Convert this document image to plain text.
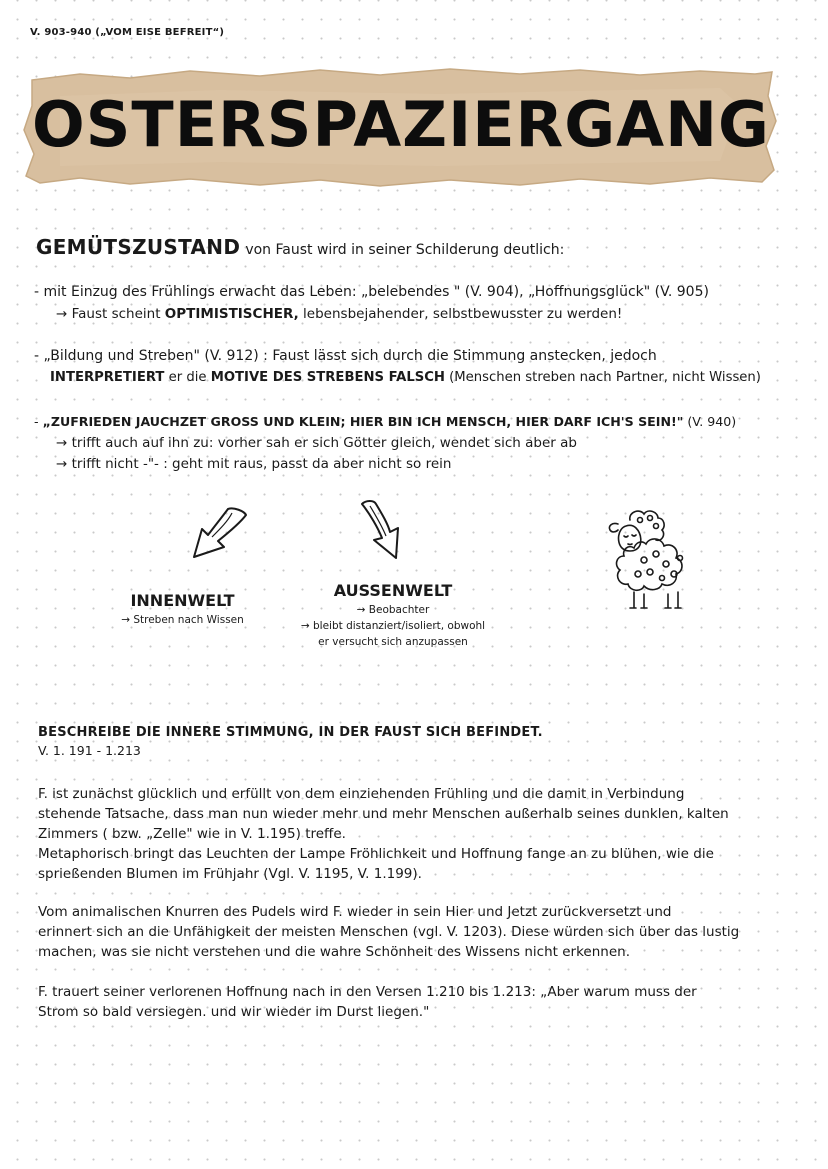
V. 903-940 („VOM EISE BEFREIT“)
OSTERSPAZIERGANG
GEMÜTSZUSTAND von Faust wird in seiner Schilderung deutlich:
- mit Einzug des Frühlings erwacht das Leben: „belebendes " (V. 904), „Hoffnungsglück" (V. 905)
→ Faust scheint OPTIMISTISCHER, lebensbejahender, selbstbewusster zu werden!
- „Bildung und Streben" (V. 912) : Faust lässt sich durch die Stimmung anstecken, jedoch
INTERPRETIERT er die MOTIVE DES STREBENS FALSCH (Menschen streben nach Partner, nicht Wissen)
- „ZUFRIEDEN JAUCHZET GROSS UND KLEIN; HIER BIN ICH MENSCH, HIER DARF ICH'S SEIN!" (V. 940)
→ trifft auch auf ihn zu: vorher sah er sich Götter gleich, wendet sich aber ab
→ trifft nicht -"- : geht mit raus, passt da aber nicht so rein
INNENWELT
→ Streben nach Wissen
AUSSENWELT
→ Beobachter
→ bleibt distanziert/isoliert, obwohl
er versucht sich anzupassen
BESCHREIBE DIE INNERE STIMMUNG, IN DER FAUST SICH BEFINDET.
V. 1. 191 - 1.213
F. ist zunächst glücklich und erfüllt von dem einziehenden Frühling und die damit in Verbindung
stehende Tatsache, dass man nun wieder mehr und mehr Menschen außerhalb seines dunklen, kalten
Zimmers ( bzw. „Zelle" wie in V. 1.195) treffe.
Metaphorisch bringt das Leuchten der Lampe Fröhlichkeit und Hoffnung fange an zu blühen, wie die
sprießenden Blumen im Frühjahr (Vgl. V. 1195, V. 1.199).
Vom animalischen Knurren des Pudels wird F. wieder in sein Hier und Jetzt zurückversetzt und
erinnert sich an die Unfähigkeit der meisten Menschen (vgl. V. 1203). Diese würden sich über das lustig
machen, was sie nicht verstehen und die wahre Schönheit des Wissens nicht erkennen.
F. trauert seiner verlorenen Hoffnung nach in den Versen 1.210 bis 1.213: „Aber warum muss der
Strom so bald versiegen. und wir wieder im Durst liegen."
